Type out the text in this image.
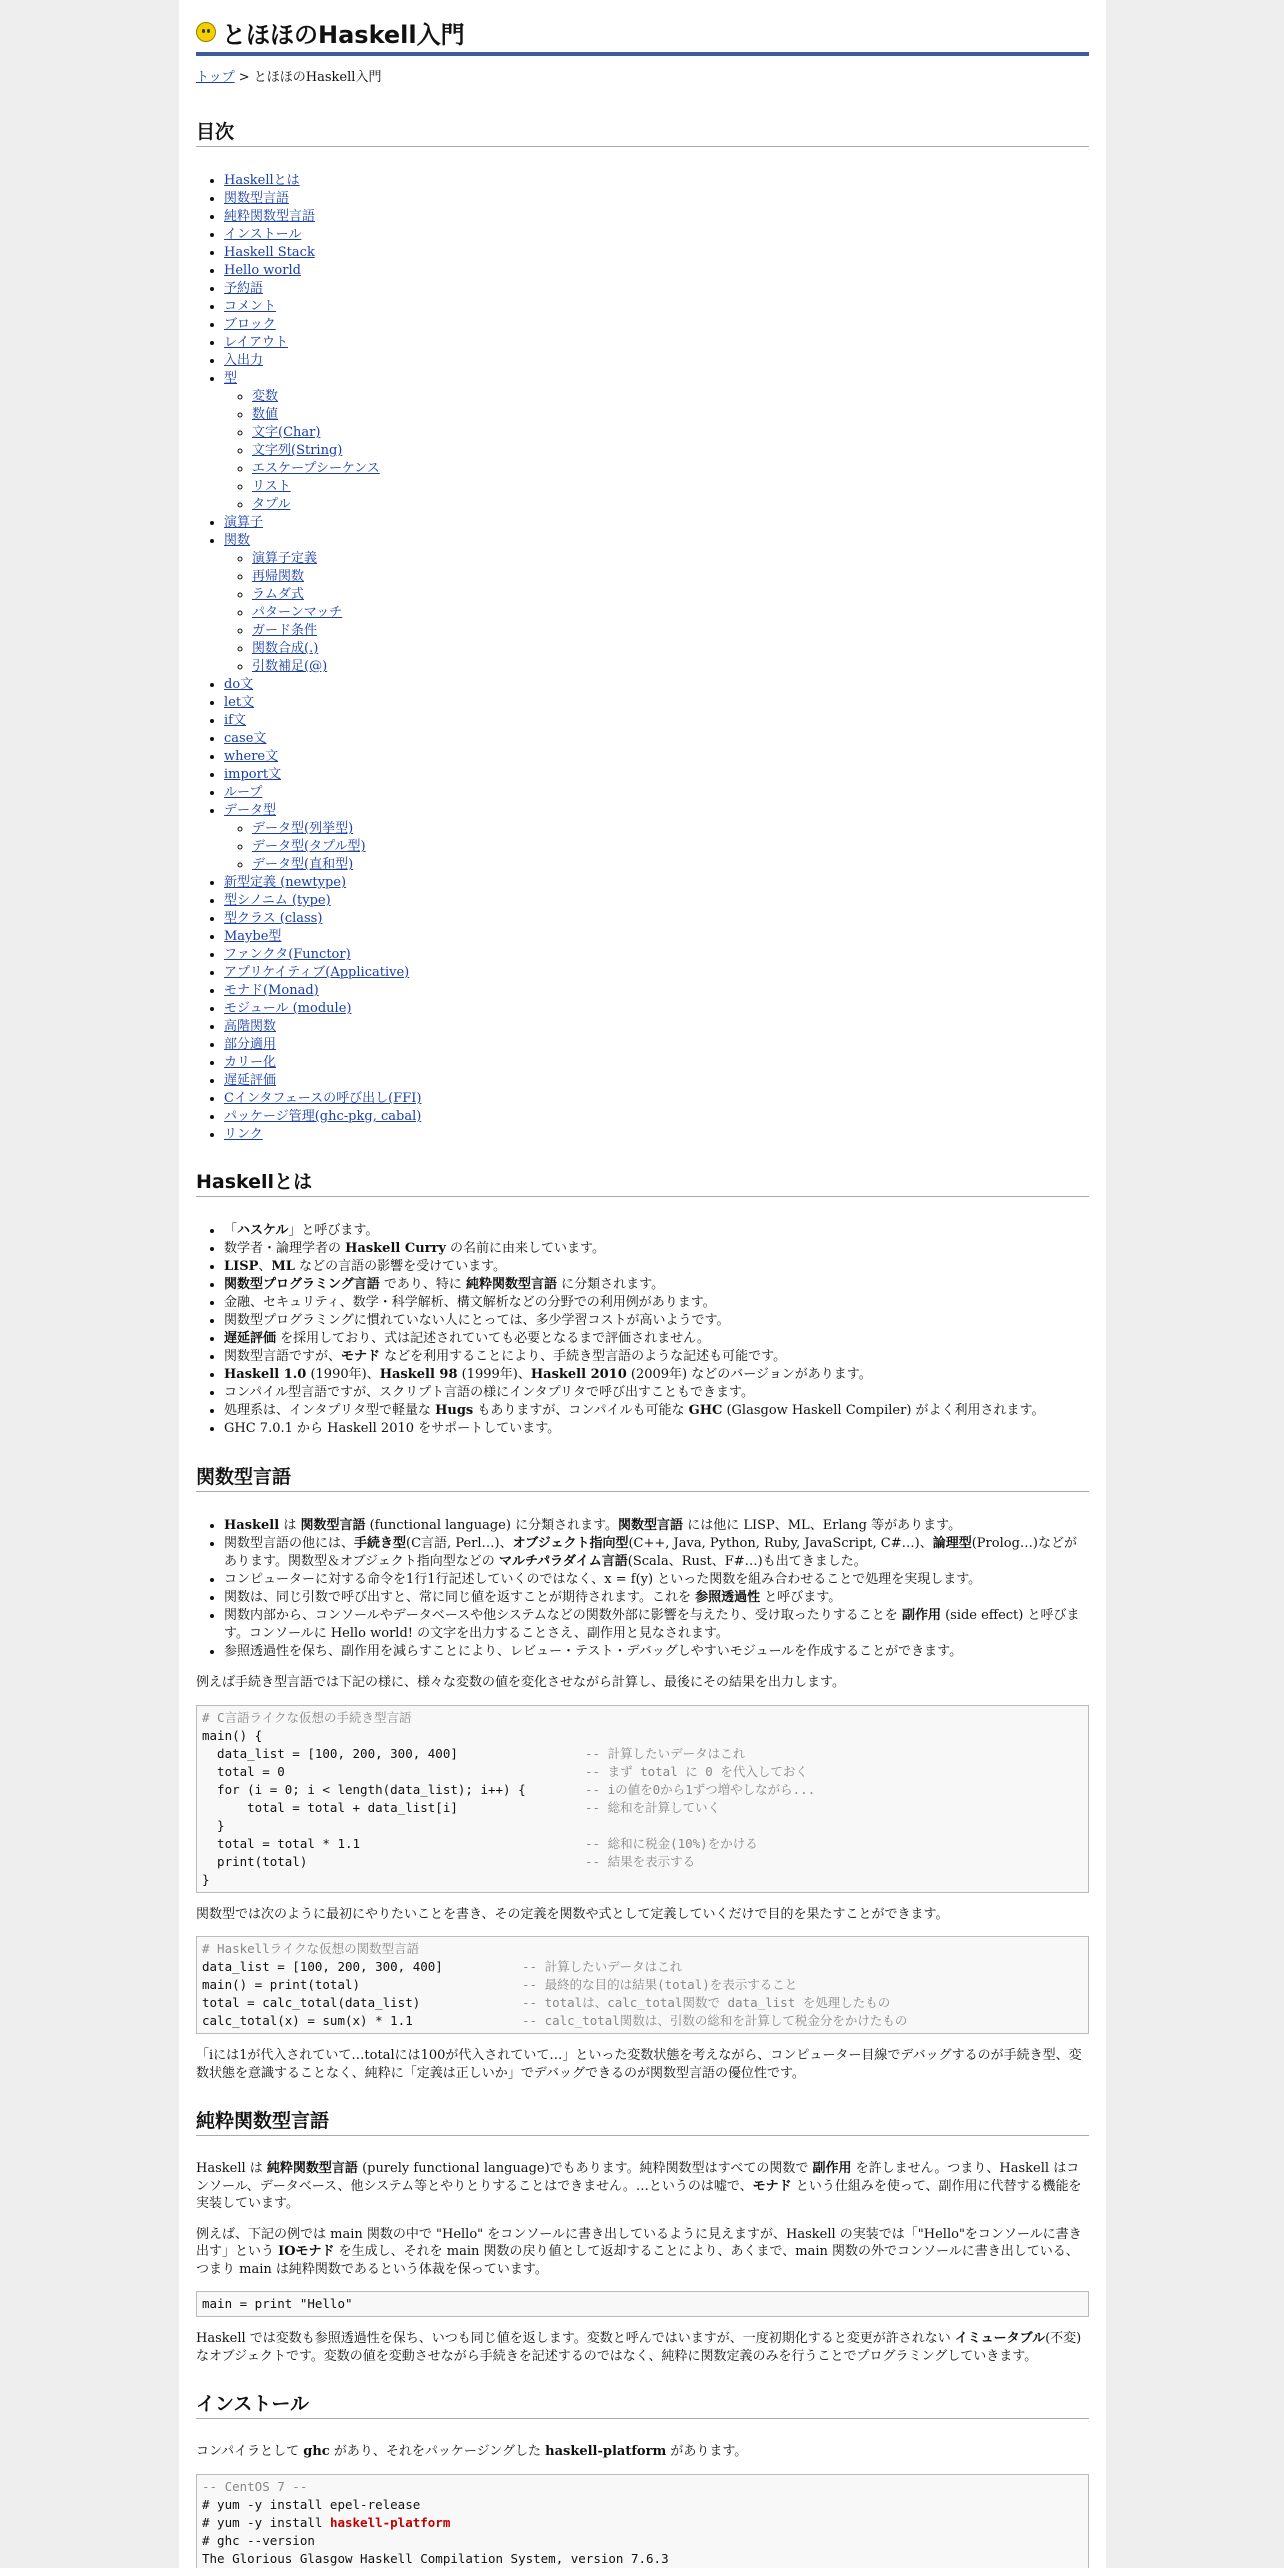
とほほのHaskell入門
トップ > とほほのHaskell入門
目次
• Haskellとは
• 関数型言語
• 純粋関数型言語
• インストール
• Haskell Stack
• Hello world
• 予約語
• コメント
• ブロック
• レイアウト
• 入出力
• 型
◦ 変数
◦ 数値
◦ 文字(Char)
◦ 文字列(String)
◦ エスケープシーケンス
◦ リスト
◦ タプル
• 演算子
• 関数
◦ 演算子定義
◦ 再帰関数
◦ ラムダ式
◦ パターンマッチ
◦ ガード条件
◦ 関数合成(.)
◦ 引数補足(@)
• do文
• let文
• if文
• case文
• where文
• import文
• ループ
• データ型
◦ データ型(列挙型)
◦ データ型(タプル型)
◦ データ型(直和型)
• 新型定義 (newtype)
• 型シノニム (type)
• 型クラス (class)
• Maybe型
• ファンクタ(Functor)
• アプリケイティブ(Applicative)
• モナド(Monad)
• モジュール (module)
• 高階関数
• 部分適用
• カリー化
• 遅延評価
• Cインタフェースの呼び出し(FFI)
• パッケージ管理(ghc-pkg, cabal)
• リンク
Haskellとは
• 「ハスケル」と呼びます。
• 数学者・論理学者の Haskell Curry の名前に由来しています。
• LISP、ML などの言語の影響を受けています。
• 関数型プログラミング言語 であり、特に 純粋関数型言語 に分類されます。
• 金融、セキュリティ、数学・科学解析、構文解析などの分野での利用例があります。
• 関数型プログラミングに慣れていない人にとっては、多少学習コストが高いようです。
• 遅延評価 を採用しており、式は記述されていても必要となるまで評価されません。
• 関数型言語ですが、モナド などを利用することにより、手続き型言語のような記述も可能です。
• Haskell 1.0 (1990年)、Haskell 98 (1999年)、Haskell 2010 (2009年) などのバージョンがあります。
• コンパイル型言語ですが、スクリプト言語の様にインタプリタで呼び出すこともできます。
• 処理系は、インタプリタ型で軽量な Hugs もありますが、コンパイルも可能な GHC (Glasgow Haskell Compiler) がよく利用されます。
• GHC 7.0.1 から Haskell 2010 をサポートしています。
関数型言語
• Haskell は 関数型言語 (functional language) に分類されます。関数型言語 には他に LISP、ML、Erlang 等があります。
• 関数型言語の他には、手続き型(C言語, Perl…)、オブジェクト指向型(C++, Java, Python, Ruby, JavaScript, C#…)、論理型(Prolog…)などがあります。関数型＆オブジェクト指向型などの マルチパラダイム言語(Scala、Rust、F#…)も出てきました。
• コンピューターに対する命令を1行1行記述していくのではなく、x = f(y) といった関数を組み合わせることで処理を実現します。
• 関数は、同じ引数で呼び出すと、常に同じ値を返すことが期待されます。これを 参照透過性 と呼びます。
• 関数内部から、コンソールやデータベースや他システムなどの関数外部に影響を与えたり、受け取ったりすることを 副作用 (side effect) と呼びます。コンソールに Hello world! の文字を出力することさえ、副作用と見なされます。
• 参照透過性を保ち、副作用を減らすことにより、レビュー・テスト・デバッグしやすいモジュールを作成することができます。

例えば手続き型言語では下記の様に、様々な変数の値を変化させながら計算し、最後にその結果を出力します。

# C言語ライクな仮想の手続き型言語
main() {
data_list = [100, 200, 300, 400]	-- 計算したいデータはこれ
total = 0	-- まず total に 0 を代入しておく
for (i = 0; i < length(data_list); i++) {	-- iの値を0から1ずつ増やしながら...
total = total + data_list[i]	-- 総和を計算していく
}
total = total * 1.1	-- 総和に税金(10%)をかける
print(total)	-- 結果を表示する
}

関数型では次のように最初にやりたいことを書き、その定義を関数や式として定義していくだけで目的を果たすことができます。

# Haskellライクな仮想の関数型言語
data_list = [100, 200, 300, 400]	-- 計算したいデータはこれ
main() = print(total)	-- 最終的な目的は結果(total)を表示すること
total = calc_total(data_list)	-- totalは、calc_total関数で data_list を処理したもの
calc_total(x) = sum(x) * 1.1	-- calc_total関数は、引数の総和を計算して税金分をかけたもの

「iには1が代入されていて…totalには100が代入されていて…」といった変数状態を考えながら、コンピューター目線でデバッグするのが手続き型、変数状態を意識することなく、純粋に「定義は正しいか」でデバッグできるのが関数型言語の優位性です。

純粋関数型言語

Haskell は 純粋関数型言語 (purely functional language)でもあります。純粋関数型はすべての関数で 副作用 を許しません。つまり、Haskell はコンソール、データベース、他システム等とやりとりすることはできません。…というのは嘘で、モナド という仕組みを使って、副作用に代替する機能を実装しています。

例えば、下記の例では main 関数の中で "Hello" をコンソールに書き出しているように見えますが、Haskell の実装では「"Hello"をコンソールに書き出す」という IOモナド を生成し、それを main 関数の戻り値として返却することにより、あくまで、main 関数の外でコンソールに書き出している、つまり main は純粋関数であるという体裁を保っています。

main = print "Hello"

Haskell では変数も参照透過性を保ち、いつも同じ値を返します。変数と呼んではいますが、一度初期化すると変更が許されない イミュータブル(不変)なオブジェクトです。変数の値を変動させながら手続きを記述するのではなく、純粋に関数定義のみを行うことでプログラミングしていきます。

インストール

コンパイラとして ghc があり、それをパッケージングした haskell-platform があります。

-- CentOS 7 --
# yum -y install epel-release
# yum -y install haskell-platform
# ghc --version
The Glorious Glasgow Haskell Compilation System, version 7.6.3
